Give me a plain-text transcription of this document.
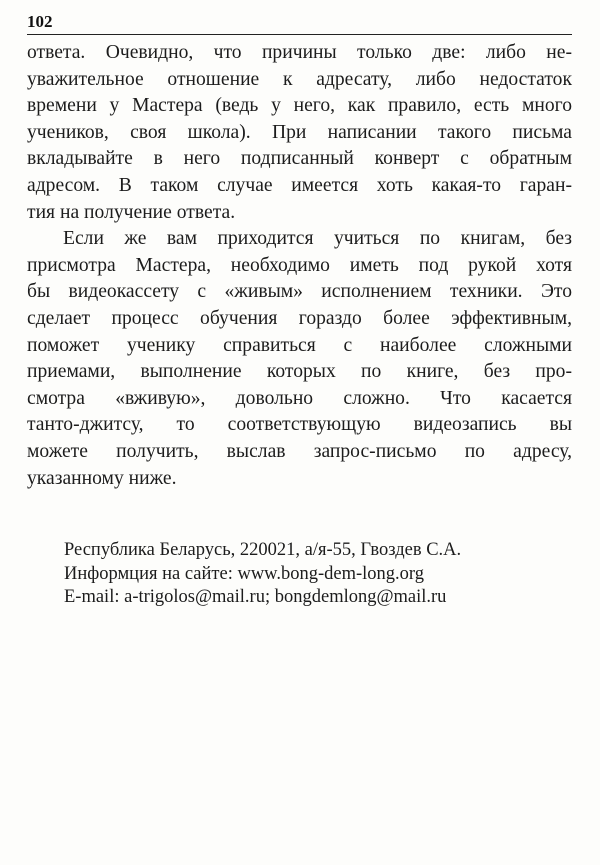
102
ответа. Очевидно, что причины только две: либо не-
уважительное отношение к адресату, либо недостаток
времени у Мастера (ведь у него, как правило, есть много
учеников, своя школа). При написании такого письма
вкладывайте в него подписанный конверт с обратным
адресом. В таком случае имеется хоть какая-то гаран-
тия на получение ответа.
Если же вам приходится учиться по книгам, без
присмотра Мастера, необходимо иметь под рукой хотя
бы видеокассету с «живым» исполнением техники. Это
сделает процесс обучения гораздо более эффективным,
поможет ученику справиться с наиболее сложными
приемами, выполнение которых по книге, без про-
смотра «вживую», довольно сложно. Что касается
танто-джитсу, то соответствующую видеозапись вы
можете получить, выслав запрос-письмо по адресу,
указанному ниже.
Республика Беларусь, 220021, а/я-55, Гвоздев С.А.
Информция на сайте: www.bong-dem-long.org
E-mail: a-trigolos@mail.ru; bongdemlong@mail.ru
